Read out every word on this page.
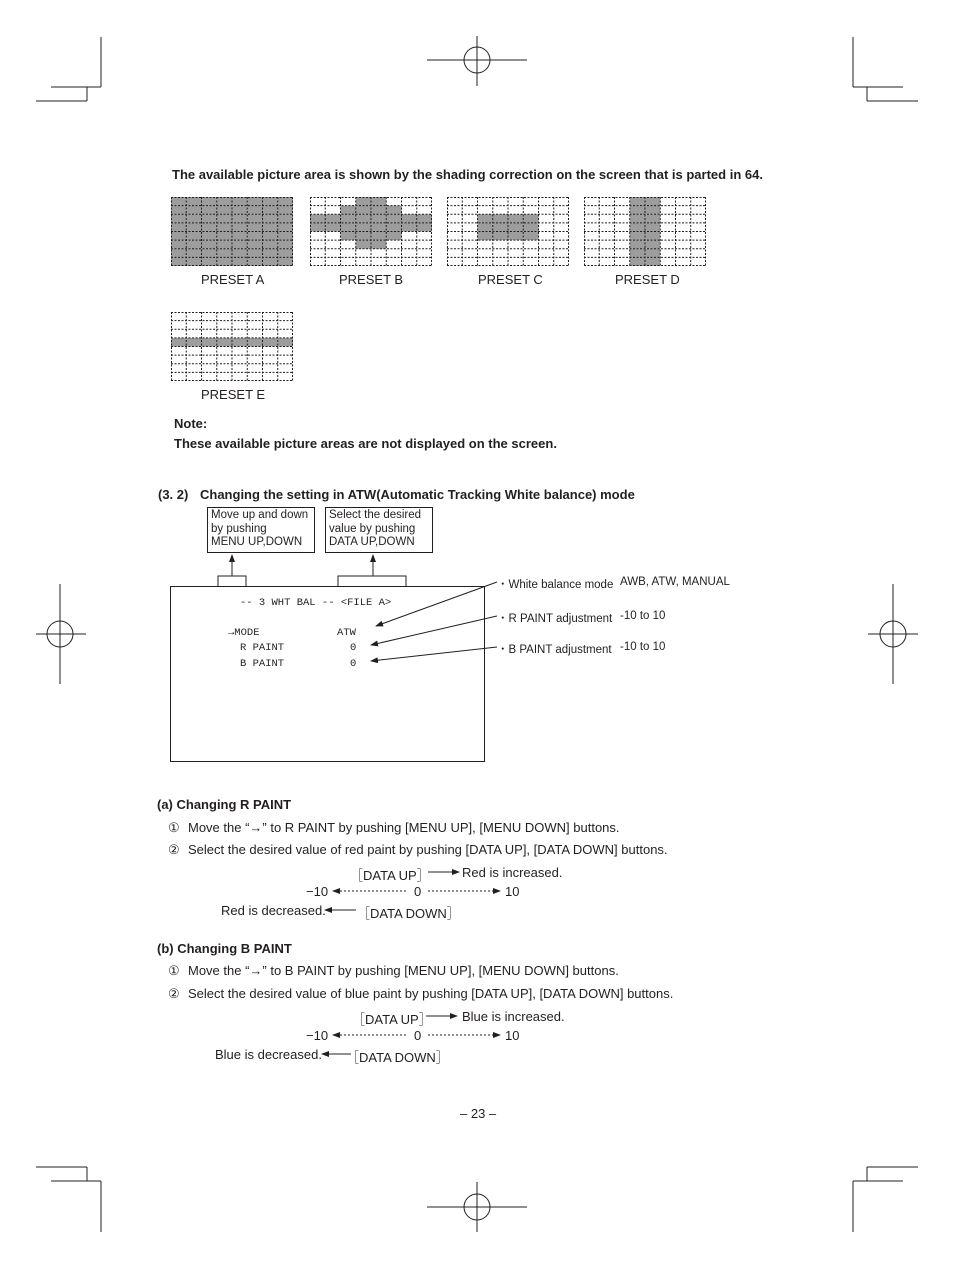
The available picture area is shown by the shading correction on the screen that is parted in 64.
PRESET A	PRESET B	PRESET C	PRESET D
PRESET E
Note:
These available picture areas are not displayed on the screen.
(3. 2) Changing the setting in ATW(Automatic Tracking White balance) mode
Move up and down
by pushing
MENU UP,DOWN
Select the desired
value by pushing
DATA UP,DOWN
-- 3 WHT BAL -- <FILE A>
→MODE	ATW
R PAINT	0
B PAINT	0
・White balance mode AWB, ATW, MANUAL
・R PAINT adjustment -10 to 10
・B PAINT adjustment -10 to 10
(a) Changing R PAINT
① Move the “→” to R PAINT by pushing [MENU UP], [MENU DOWN] buttons.
② Select the desired value of red paint by pushing [DATA UP], [DATA DOWN] buttons.
［DATA UP］ Red is increased.
−10	0	10
Red is decreased. ［DATA DOWN］
(b) Changing B PAINT
① Move the “→” to B PAINT by pushing [MENU UP], [MENU DOWN] buttons.
② Select the desired value of blue paint by pushing [DATA UP], [DATA DOWN] buttons.
［DATA UP］ Blue is increased.
−10	0	10
Blue is decreased. ［DATA DOWN］
– 23 –
